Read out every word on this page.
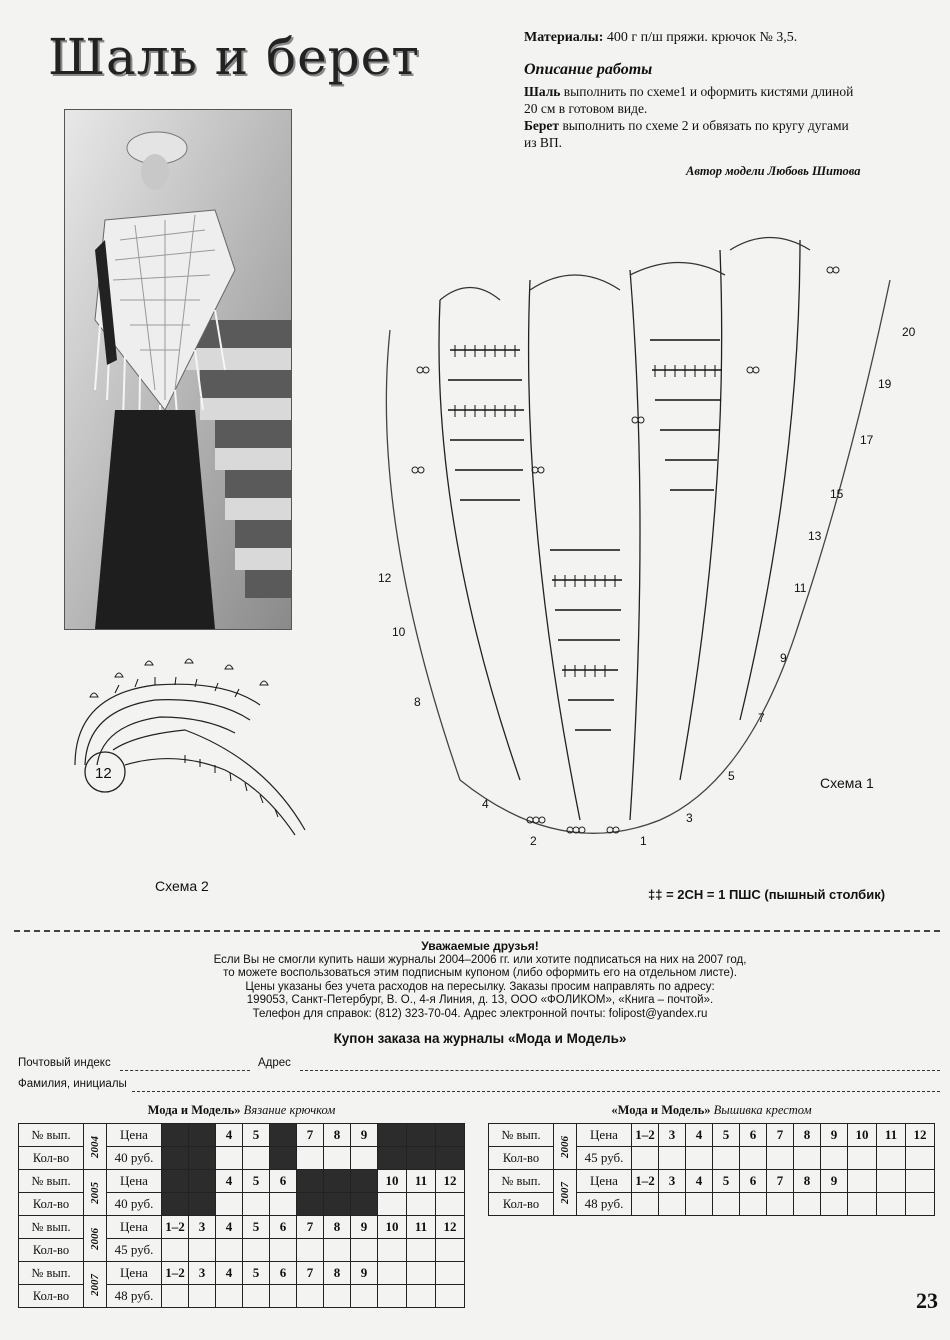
Шаль и берет	Материалы: 400 г п/ш пряжи. крючок № 3,5.
Описание работы
Шаль выполнить по схеме1 и оформить кистями длиной 20 см в готовом виде.
Берет выполнить по схеме 2 и обвязать по кругу дугами из ВП.
Автор модели Любовь Шитова
1
2
3
4
5
7
8
9
10
11
12
13
15
17
19
20
Схема 1
12
Схема 2
‡‡ = 2СН = 1 ПШС (пышный столбик)
Уважаемые друзья!
Если Вы не смогли купить наши журналы 2004–2006 гг. или хотите подписаться на них на 2007 год,
то можете воспользоваться этим подписным купоном (либо оформить его на отдельном листе).
Цены указаны без учета расходов на пересылку. Заказы просим направлять по адресу:
199053, Санкт-Петербург, В. О., 4-я Линия, д. 13, ООО «ФОЛИКОМ», «Книга – почтой».
Телефон для справок: (812) 323-70-04. Адрес электронной почты: folipost@yandex.ru
Купон заказа на журналы «Мода и Модель»
Почтовый индекс	Адрес
Фамилия, инициалы
Мода и Модель» Вязание крючком
№ вып.	2004	Цена			4	5		7	8	9			
Кол-во		40 руб.											
№ вып.	2005	Цена			4	5	6				10	11	12
Кол-во		40 руб.											
№ вып.	2006	Цена	1–2	3	4	5	6	7	8	9	10	11	12
Кол-во		45 руб.											
№ вып.	2007	Цена	1–2	3	4	5	6	7	8	9			
Кол-во		48 руб.											
«Мода и Модель» Вышивка крестом
№ вып.	2006	Цена	1–2	3	4	5	6	7	8	9	10	11	12
Кол-во		45 руб.											
№ вып.	2007	Цена	1–2	3	4	5	6	7	8	9			
Кол-во		48 руб.											
23
